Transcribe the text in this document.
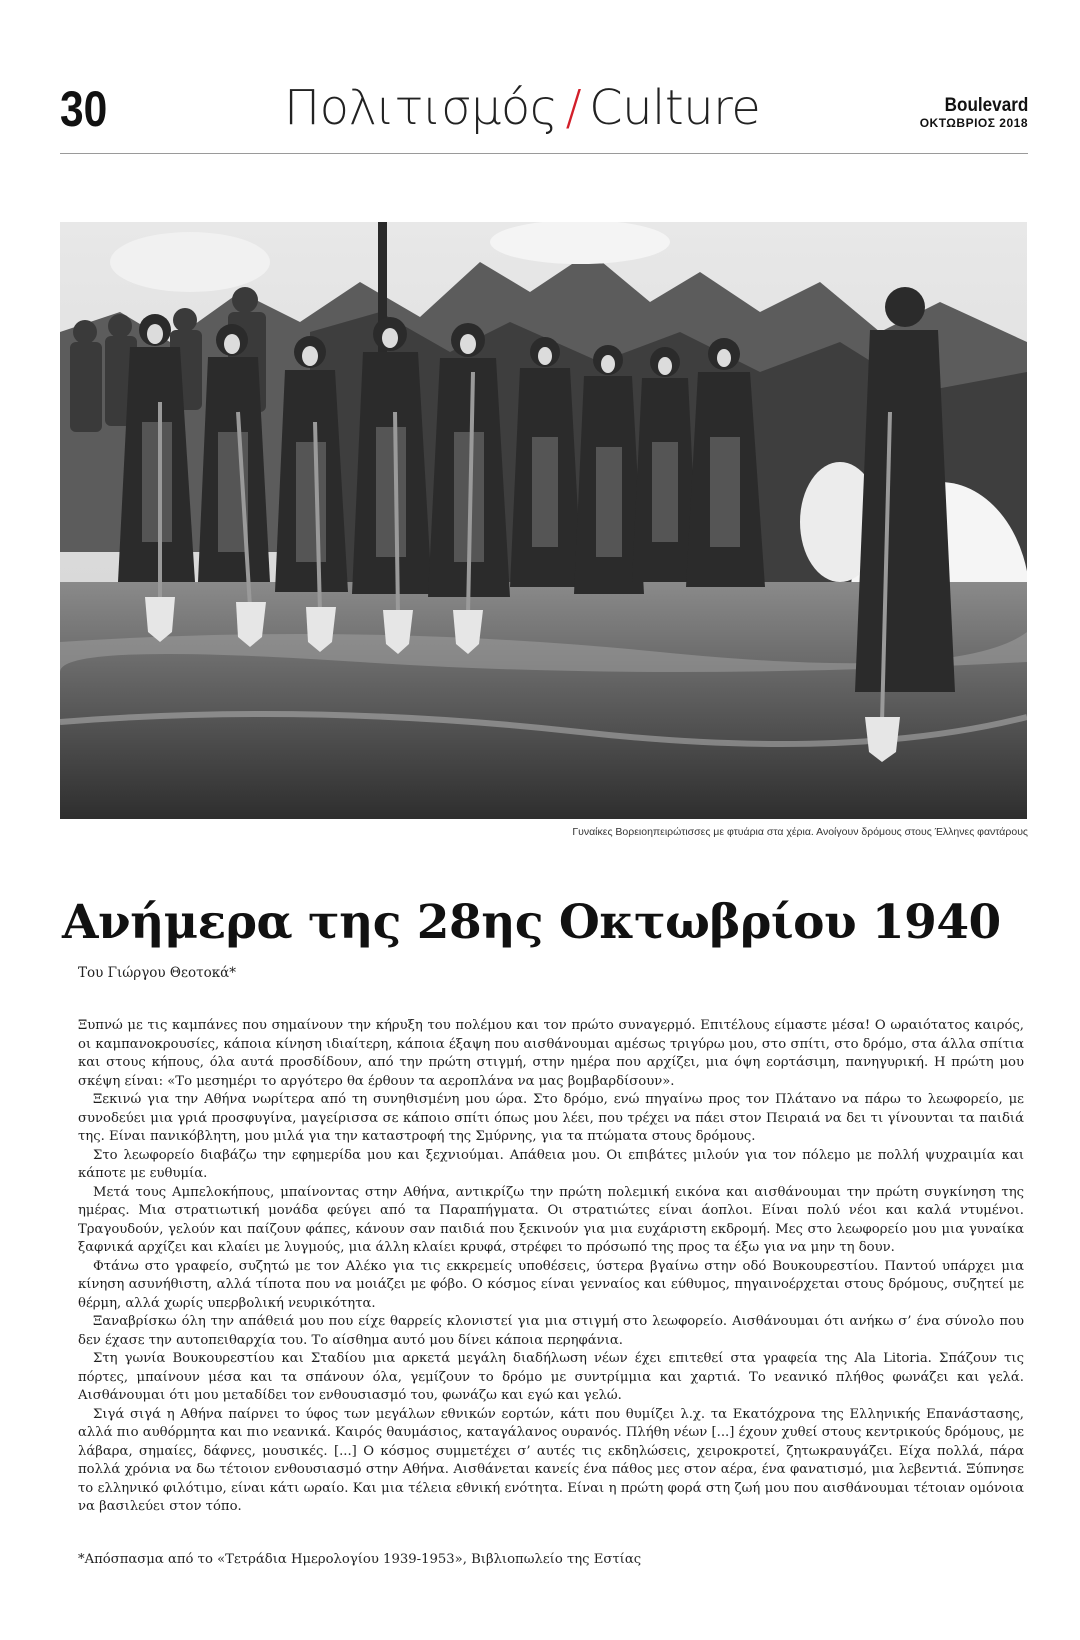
30	Πολιτισμός / Culture	Boulevard
ΟΚΤΩΒΡΙΟΣ 2018
Γυναίκες Βορειοηπειρώτισσες με φτυάρια στα χέρια. Ανοίγουν δρόμους στους Έλληνες φαντάρους
Ανήμερα της 28ης Οκτωβρίου 1940
Του Γιώργου Θεοτοκά*

Ξυπνώ με τις καμπάνες που σημαίνουν την κήρυξη του πολέμου και τον πρώτο συναγερμό. Επιτέλους είμαστε μέσα! Ο ωραιότατος καιρός, οι καμπανοκρουσίες, κάποια κίνηση ιδιαίτερη, κάποια έξαψη που αισθάνουμαι αμέσως τριγύρω μου, στο σπίτι, στο δρόμο, στα άλλα σπίτια και στους κήπους, όλα αυτά προσδίδουν, από την πρώτη στιγμή, στην ημέρα που αρχίζει, μια όψη εορτάσιμη, πανηγυρική. Η πρώτη μου σκέψη είναι: «Το μεσημέρι το αργότερο θα έρθουν τα αεροπλάνα να μας βομβαρδίσουν».

Ξεκινώ για την Αθήνα νωρίτερα από τη συνηθισμένη μου ώρα. Στο δρόμο, ενώ πηγαίνω προς τον Πλάτανο να πάρω το λεωφορείο, με συνοδεύει μια γριά προσφυγίνα, μαγείρισσα σε κάποιο σπίτι όπως μου λέει, που τρέχει να πάει στον Πειραιά να δει τι γίνουνται τα παιδιά της. Είναι πανικόβλητη, μου μιλά για την καταστροφή της Σμύρνης, για τα πτώματα στους δρόμους.

Στο λεωφορείο διαβάζω την εφημερίδα μου και ξεχνιούμαι. Απάθεια μου. Οι επιβάτες μιλούν για τον πόλεμο με πολλή ψυχραιμία και κάποτε με ευθυμία.

Μετά τους Αμπελοκήπους, μπαίνοντας στην Αθήνα, αντικρίζω την πρώτη πολεμική εικόνα και αισθάνουμαι την πρώτη συγκίνηση της ημέρας. Μια στρατιωτική μονάδα φεύγει από τα Παραπήγματα. Οι στρατιώτες είναι άοπλοι. Είναι πολύ νέοι και καλά ντυμένοι. Τραγουδούν, γελούν και παίζουν φάπες, κάνουν σαν παιδιά που ξεκινούν για μια ευχάριστη εκδρομή. Μες στο λεωφορείο μου μια γυναίκα ξαφνικά αρχίζει και κλαίει με λυγμούς, μια άλλη κλαίει κρυφά, στρέφει το πρόσωπό της προς τα έξω για να μην τη δουν.

Φτάνω στο γραφείο, συζητώ με τον Αλέκο για τις εκκρεμείς υποθέσεις, ύστερα βγαίνω στην οδό Βουκουρεστίου. Παντού υπάρχει μια κίνηση ασυνήθιστη, αλλά τίποτα που να μοιάζει με φόβο. Ο κόσμος είναι γενναίος και εύθυμος, πηγαινοέρχεται στους δρόμους, συζητεί με θέρμη, αλλά χωρίς υπερβολική νευρικότητα.

Ξαναβρίσκω όλη την απάθειά μου που είχε θαρρείς κλονιστεί για μια στιγμή στο λεωφορείο. Αισθάνουμαι ότι ανήκω σ’ ένα σύνολο που δεν έχασε την αυτοπειθαρχία του. Το αίσθημα αυτό μου δίνει κάποια περηφάνια.

Στη γωνία Βουκουρεστίου και Σταδίου μια αρκετά μεγάλη διαδήλωση νέων έχει επιτεθεί στα γραφεία της Ala Litoria. Σπάζουν τις πόρτες, μπαίνουν μέσα και τα σπάνουν όλα, γεμίζουν το δρόμο με συντρίμμια και χαρτιά. Το νεανικό πλήθος φωνάζει και γελά. Αισθάνουμαι ότι μου μεταδίδει τον ενθουσιασμό του, φωνάζω και εγώ και γελώ.

Σιγά σιγά η Αθήνα παίρνει το ύφος των μεγάλων εθνικών εορτών, κάτι που θυμίζει λ.χ. τα Εκατόχρονα της Ελληνικής Επανάστασης, αλλά πιο αυθόρμητα και πιο νεανικά. Καιρός θαυμάσιος, καταγάλανος ουρανός. Πλήθη νέων [...] έχουν χυθεί στους κεντρικούς δρόμους, με λάβαρα, σημαίες, δάφνες, μουσικές. [...] Ο κόσμος συμμετέχει σ’ αυτές τις εκδηλώσεις, χειροκροτεί, ζητωκραυγάζει. Είχα πολλά, πάρα πολλά χρόνια να δω τέτοιον ενθουσιασμό στην Αθήνα. Αισθάνεται κανείς ένα πάθος μες στον αέρα, ένα φανατισμό, μια λεβεντιά. Ξύπνησε το ελληνικό φιλότιμο, είναι κάτι ωραίο. Και μια τέλεια εθνική ενότητα. Είναι η πρώτη φορά στη ζωή μου που αισθάνουμαι τέτοιαν ομόνοια να βασιλεύει στον τόπο.

*Απόσπασμα από το «Τετράδια Ημερολογίου 1939-1953», Βιβλιοπωλείο της Εστίας
